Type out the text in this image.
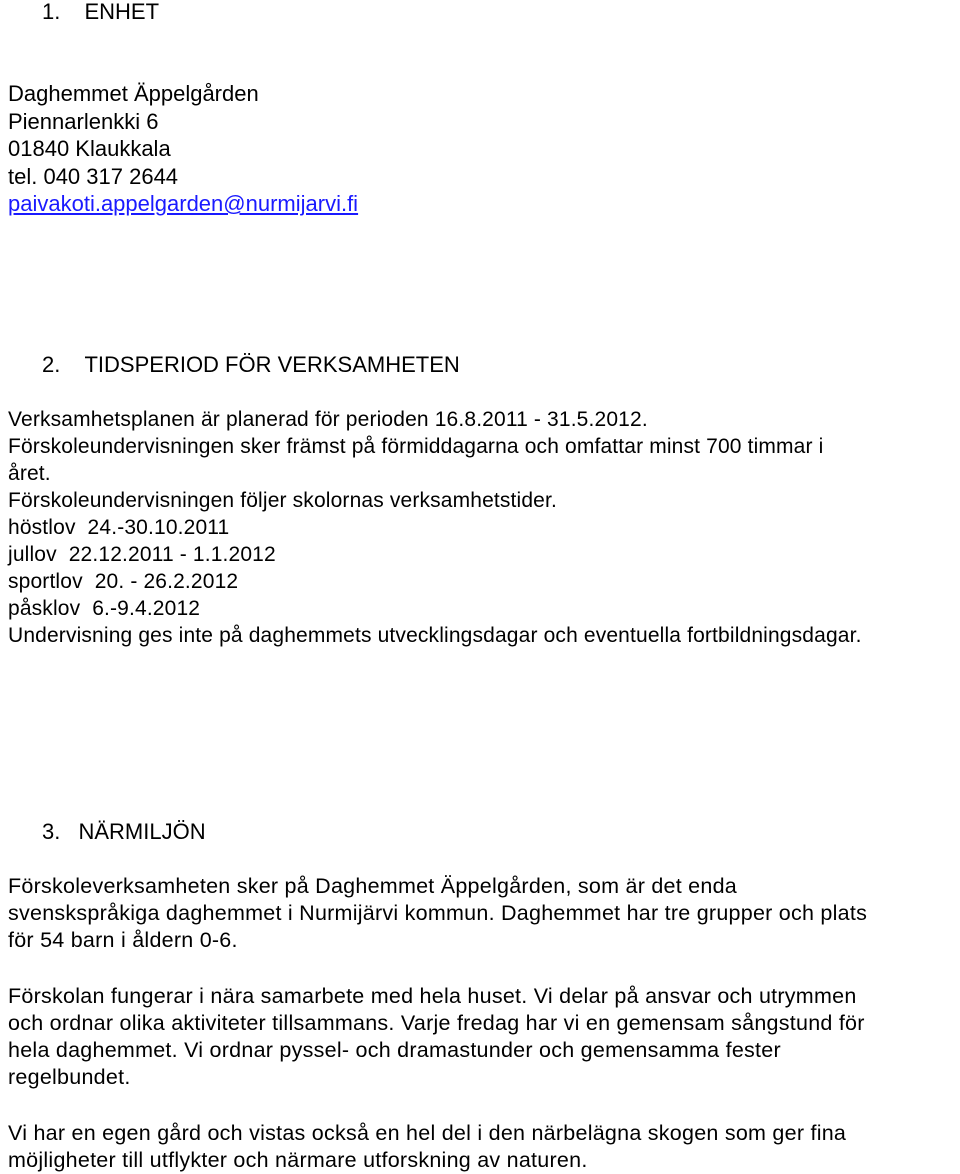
1. ENHET
Daghemmet Äppelgården
Piennarlenkki 6
01840 Klaukkala
tel. 040 317 2644
paivakoti.appelgarden@nurmijarvi.fi
2. TIDSPERIOD FÖR VERKSAMHETEN
Verksamhetsplanen är planerad för perioden 16.8.2011 - 31.5.2012.
Förskoleundervisningen sker främst på förmiddagarna och omfattar minst 700 timmar i
året.
Förskoleundervisningen följer skolornas verksamhetstider.
höstlov  24.-30.10.2011
jullov  22.12.2011 - 1.1.2012
sportlov  20. - 26.2.2012
påsklov  6.-9.4.2012
Undervisning ges inte på daghemmets utvecklingsdagar och eventuella fortbildningsdagar.
3. NÄRMILJÖN
Förskoleverksamheten sker på Daghemmet Äppelgården, som är det enda
svenskspråkiga daghemmet i Nurmijärvi kommun. Daghemmet har tre grupper och plats
för 54 barn i åldern 0-6.
Förskolan fungerar i nära samarbete med hela huset. Vi delar på ansvar och utrymmen
och ordnar olika aktiviteter tillsammans. Varje fredag har vi en gemensam sångstund för
hela daghemmet. Vi ordnar pyssel- och dramastunder och gemensamma fester
regelbundet.
Vi har en egen gård och vistas också en hel del i den närbelägna skogen som ger fina
möjligheter till utflykter och närmare utforskning av naturen.
